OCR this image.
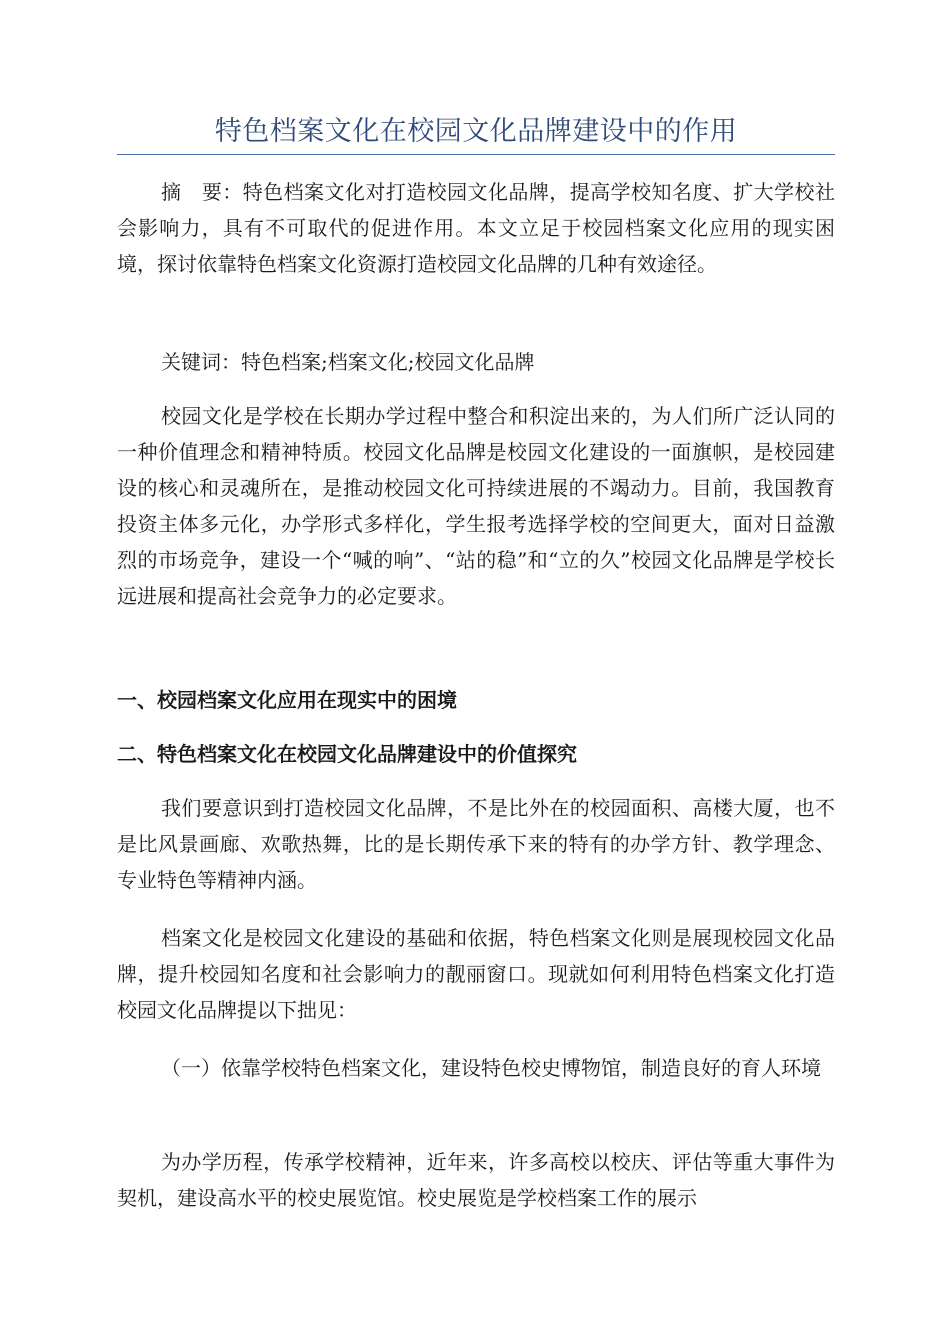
特色档案文化在校园文化品牌建设中的作用

摘　要：特色档案文化对打造校园文化品牌，提高学校知名度、扩大学校社会影响力，具有不可取代的促进作用。本文立足于校园档案文化应用的现实困境，探讨依靠特色档案文化资源打造校园文化品牌的几种有效途径。

关键词：特色档案;档案文化;校园文化品牌

校园文化是学校在长期办学过程中整合和积淀出来的，为人们所广泛认同的一种价值理念和精神特质。校园文化品牌是校园文化建设的一面旗帜，是校园建设的核心和灵魂所在，是推动校园文化可持续进展的不竭动力。目前，我国教育投资主体多元化，办学形式多样化，学生报考选择学校的空间更大，面对日益激烈的市场竞争，建设一个“喊的响”、“站的稳”和“立的久”校园文化品牌是学校长远进展和提高社会竞争力的必定要求。

一、校园档案文化应用在现实中的困境

二、特色档案文化在校园文化品牌建设中的价值探究

我们要意识到打造校园文化品牌，不是比外在的校园面积、高楼大厦，也不是比风景画廊、欢歌热舞，比的是长期传承下来的特有的办学方针、教学理念、专业特色等精神内涵。

档案文化是校园文化建设的基础和依据，特色档案文化则是展现校园文化品牌，提升校园知名度和社会影响力的靓丽窗口。现就如何利用特色档案文化打造校园文化品牌提以下拙见：

（一）依靠学校特色档案文化，建设特色校史博物馆，制造良好的育人环境

为办学历程，传承学校精神，近年来，许多高校以校庆、评估等重大事件为契机，建设高水平的校史展览馆。校史展览是学校档案工作的展示
